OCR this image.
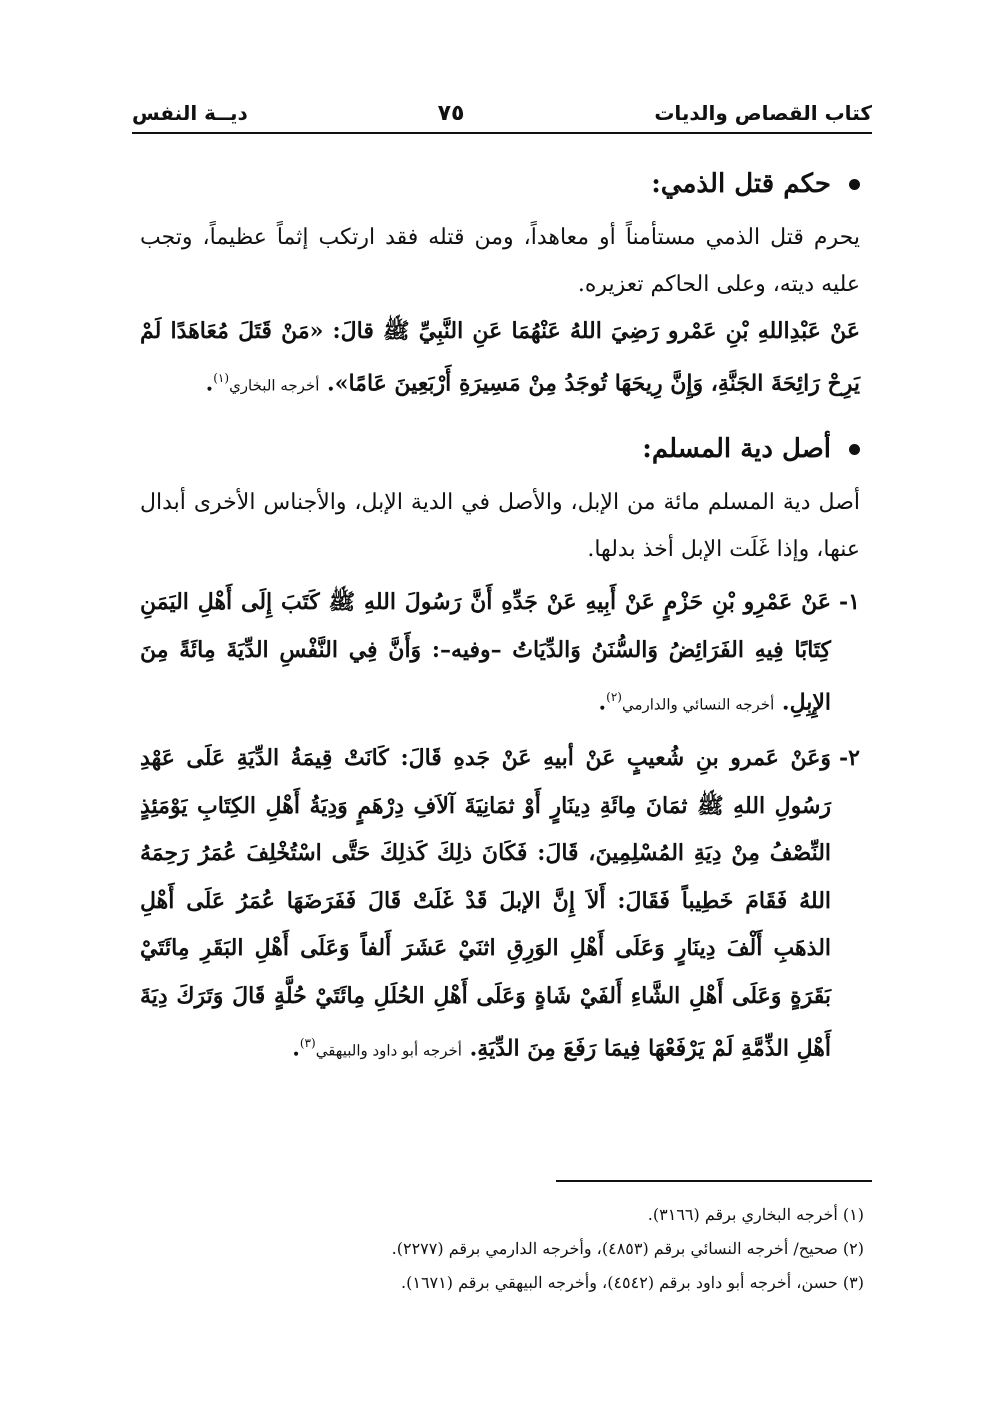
كتاب القصاص والديات
٧٥
ديــة النفس
حكم قتل الذمي:

يحرم قتل الذمي مستأمناً أو معاهداً، ومن قتله فقد ارتكب إثماً عظيماً، وتجب عليه ديته، وعلى الحاكم تعزيره.

عَنْ عَبْدِاللهِ بْنِ عَمْرو رَضِيَ اللهُ عَنْهُمَا عَنِ النَّبِيِّ ﷺ قالَ: «مَنْ قَتَلَ مُعَاهَدًا لَمْ يَرِحْ رَائِحَةَ الجَنَّةِ، وَإِنَّ رِيحَهَا تُوجَدُ مِنْ مَسِيرَةِ أَرْبَعِينَ عَامًا». أخرجه البخاري$^{(١)}$.

أصل دية المسلم:

أصل دية المسلم مائة من الإبل، والأصل في الدية الإبل، والأجناس الأخرى أبدال عنها، وإذا غَلَت الإبل أخذ بدلها.

١-
عَنْ عَمْرِو بْنِ حَزْمٍ عَنْ أَبِيهِ عَنْ جَدِّهِ أَنَّ رَسُولَ اللهِ ﷺ كَتَبَ إِلَى أَهْلِ اليَمَنِ كِتَابًا فِيهِ الفَرَائِضُ وَالسُّنَنُ وَالدِّيَاتُ –وفيه–: وَأَنَّ فِي النَّفْسِ الدِّيَةَ مِائَةً مِنَ الإِبِلِ. أخرجه النسائي والدارمي$^{(٢)}$.
٢-
وَعَنْ عَمرو بنِ شُعيبٍ عَنْ أبيهِ عَنْ جَدهِ قَالَ: كَانَتْ قِيمَةُ الدِّيَةِ عَلَى عَهْدِ رَسُولِ اللهِ ﷺ ثمَانَ مِائَةِ دِينَارٍ أَوْ ثمَانِيَةَ آلاَفِ دِرْهَمٍ وَدِيَةُ أَهْلِ الكِتَابِ يَوْمَئِذٍ النِّصْفُ مِنْ دِيَةِ المُسْلِمِينَ، قَالَ: فَكَانَ ذلِكَ كَذلِكَ حَتَّى اسْتُخْلِفَ عُمَرُ رَحِمَهُ اللهُ فَقَامَ خَطِيباً فَقَالَ: أَلاَ إِنَّ الإبلَ قَدْ غَلَتْ قَالَ فَفَرَضَهَا عُمَرُ عَلَى أَهْلِ الذهَبِ أَلْفَ دِينَارٍ وَعَلَى أَهْلِ الوَرِقِ اثنَيْ عَشَرَ أَلفاً وَعَلَى أَهْلِ البَقَرِ مِائَتَيْ بَقَرَةٍ وَعَلَى أَهْلِ الشَّاءِ أَلفَيْ شَاةٍ وَعَلَى أَهْلِ الحُلَلِ مِائَتَيْ حُلَّةٍ قَالَ وَتَرَكَ دِيَةَ أَهْلِ الذِّمَّةِ لَمْ يَرْفَعْهَا فِيمَا رَفَعَ مِنَ الدِّيَةِ. أخرجه أبو داود والبيهقي$^{(٣)}$.

(١) أخرجه البخاري برقم (٣١٦٦).

(٢) صحيح/ أخرجه النسائي برقم (٤٨٥٣)، وأخرجه الدارمي برقم (٢٢٧٧).

(٣) حسن، أخرجه أبو داود برقم (٤٥٤٢)، وأخرجه البيهقي برقم (١٦٧١).
